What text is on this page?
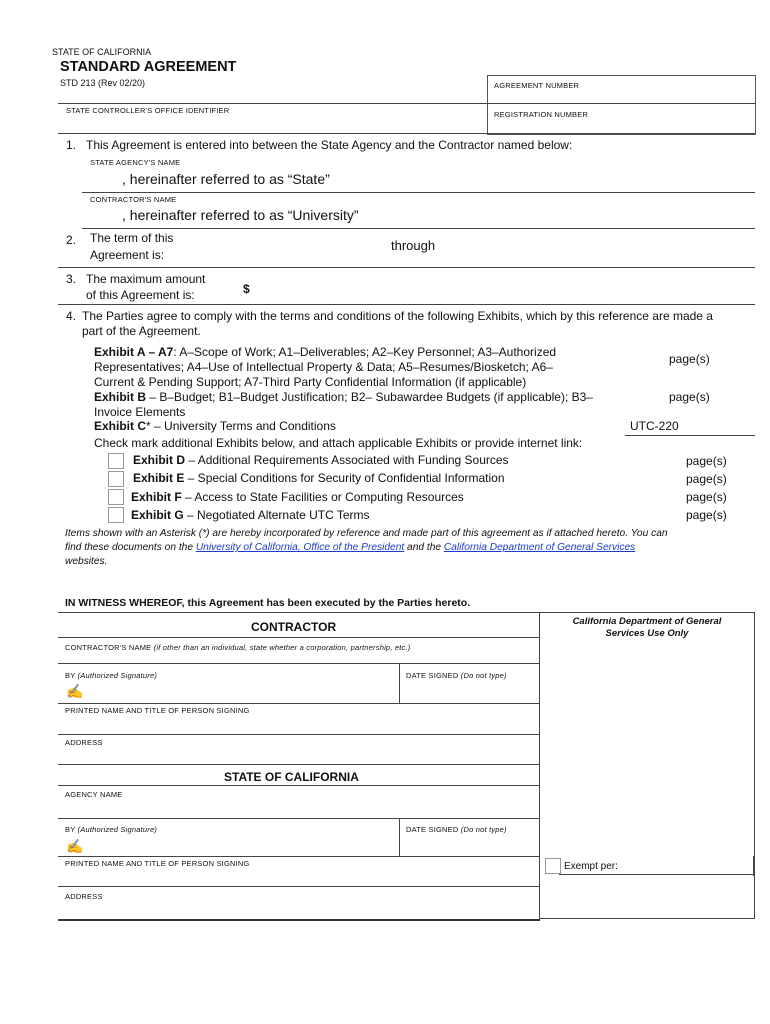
STATE OF CALIFORNIA
STANDARD AGREEMENT
STD 213 (Rev 02/20)	AGREEMENT NUMBER
REGISTRATION NUMBER
STATE CONTROLLER'S OFFICE IDENTIFIER
1. This Agreement is entered into between the State Agency and the Contractor named below:
STATE AGENCY'S NAME
, hereinafter referred to as “State”
CONTRACTOR'S NAME
, hereinafter referred to as “University”
2. The term of this
Agreement is:
through
3. The maximum amount
of this Agreement is:	$
4. The Parties agree to comply with the terms and conditions of the following Exhibits, which by this reference are made a
part of the Agreement.
Exhibit A – A7: A–Scope of Work; A1–Deliverables; A2–Key Personnel; A3–Authorized
Representatives; A4–Use of Intellectual Property & Data; A5–Resumes/Biosketch; A6–
Current & Pending Support; A7-Third Party Confidential Information (if applicable)
page(s)
Exhibit B – B–Budget; B1–Budget Justification; B2– Subawardee Budgets (if applicable); B3–
Invoice Elements
page(s)
Exhibit C* – University Terms and Conditions	UTC-220
Check mark additional Exhibits below, and attach applicable Exhibits or provide internet link:
Exhibit D – Additional Requirements Associated with Funding Sources	page(s)
Exhibit E – Special Conditions for Security of Confidential Information	page(s)
Exhibit F – Access to State Facilities or Computing Resources	page(s)
Exhibit G – Negotiated Alternate UTC Terms	page(s)
Items shown with an Asterisk (*) are hereby incorporated by reference and made part of this agreement as if attached hereto. You can
find these documents on the University of California, Office of the President and the California Department of General Services
websites.
IN WITNESS WHEREOF, this Agreement has been executed by the Parties hereto.
CONTRACTOR
CONTRACTOR'S NAME (if other than an individual, state whether a corporation, partnership, etc.)
BY (Authorized Signature)	DATE SIGNED (Do not type)
✍
PRINTED NAME AND TITLE OF PERSON SIGNING
ADDRESS
STATE OF CALIFORNIA
AGENCY NAME
BY (Authorized Signature)	DATE SIGNED (Do not type)
✍
PRINTED NAME AND TITLE OF PERSON SIGNING
ADDRESS
California Department of General
Services Use Only
Exempt per:
